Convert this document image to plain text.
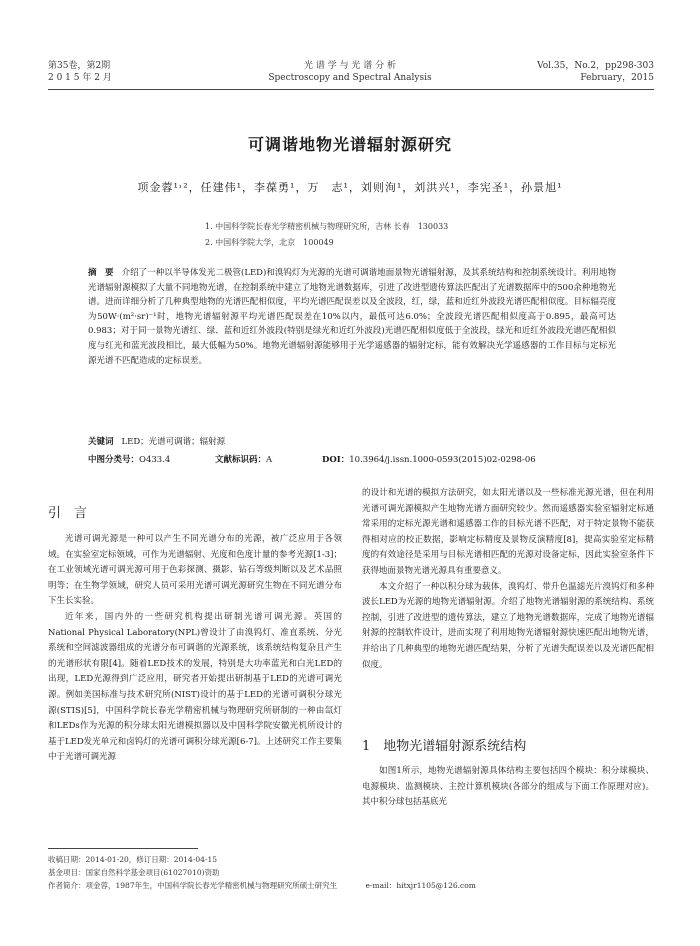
第35卷，第2期
2 0 1 5 年 2 月
光 谱 学 与 光 谱 分 析
Spectroscopy and Spectral Analysis
Vol.35，No.2，pp298-303
February，2015
可调谐地物光谱辐射源研究
项金蓉¹˒²，任建伟¹，李葆勇¹，万　志¹，刘则洵¹，刘洪兴¹，李宪圣¹，孙景旭¹
1. 中国科学院长春光学精密机械与物理研究所，吉林 长春　130033
2. 中国科学院大学，北京　100049
摘　要 介绍了一种以半导体发光二极管(LED)和溴钨灯为光源的光谱可调谐地面景物光谱辐射源，及其系统结构和控制系统设计。利用地物光谱辐射源模拟了大量不同地物光谱，在控制系统中建立了地物光谱数据库，引进了改进型遗传算法匹配出了光谱数据库中的500余种地物光谱。进而详细分析了几种典型地物的光谱匹配相似度，平均光谱匹配误差以及全波段，红，绿，蓝和近红外波段光谱匹配相似度。目标辐亮度为50W·(m²·sr)⁻¹时，地物光谱辐射源平均光谱匹配误差在10%以内，最低可达6.0%；全波段光谱匹配相似度高于0.895，最高可达0.983；对于同一景物光谱红、绿、蓝和近红外波段(特别是绿光和近红外波段)光谱匹配相似度低于全波段，绿光和近红外波段光谱匹配相似度与红光和蓝光波段相比，最大低幅为50%。地物光谱辐射源能够用于光学遥感器的辐射定标，能有效解决光学遥感器的工作目标与定标光源光谱不匹配造成的定标误差。
关键词 LED；光谱可调谐；辐射源
中图分类号：O433.4	文献标识码：A	DOI：10.3964/j.issn.1000-0593(2015)02-0298-06
引　言

光谱可调光源是一种可以产生不同光谱分布的光源，被广泛应用于各领域。在实验室定标领域，可作为光谱辐射、光度和色度计量的参考光源[1-3]；在工业领域光谱可调光源可用于色彩探测、摄影、钻石等级判断以及艺术品照明等；在生物学领域，研究人员可采用光谱可调光源研究生物在不同光谱分布下生长实验。

近年来，国内外的一些研究机构提出研制光谱可调光源。英国的 National Physical Laboratory(NPL)曾设计了由溴钨灯、准直系统、分光系统和空间滤波器组成的光谱分布可调谐的光源系统，该系统结构复杂且产生的光谱形状有限[4]。随着LED技术的发展，特别是大功率蓝光和白光LED的出现，LED光源得到广泛应用，研究者开始提出研制基于LED的光谱可调光源。例如美国标准与技术研究所(NIST)设计的基于LED的光谱可调积分球光源(STIS)[5]，中国科学院长春光学精密机械与物理研究所研制的一种由氙灯和LEDs作为光源的积分球太阳光谱模拟器以及中国科学院安徽光机所设计的基于LED发光单元和卤钨灯的光谱可调积分球光源[6-7]。上述研究工作主要集中于光谱可调光源

的设计和光谱的模拟方法研究，如太阳光谱以及一些标准光源光谱，但在利用光谱可调光源模拟产生地物光谱方面研究较少。然而遥感器实验室辐射定标通常采用的定标光源光谱和遥感器工作的目标光谱不匹配，对于特定景物不能获得相对应的校正数据，影响定标精度及景物反演精度[8]，提高实验室定标精度的有效途径是采用与目标光谱相匹配的光源对设备定标，因此实验室条件下获得地面景物光谱光源具有重要意义。

本文介绍了一种以积分球为载体，溴钨灯、带升色温滤光片溴钨灯和多种波长LED为光源的地物光谱辐射源。介绍了地物光谱辐射源的系统结构、系统控制，引进了改进型的遗传算法，建立了地物光谱数据库，完成了地物光谱辐射源的控制软件设计，进而实现了利用地物光谱辐射源快速匹配出地物光谱，并给出了几种典型的地物光谱匹配结果，分析了光谱失配误差以及光谱匹配相似度。

1　地物光谱辐射源系统结构

如图1所示，地物光谱辐射源具体结构主要包括四个模块：积分球模块、电源模块、监测模块、主控计算机模块(各部分的组成与下面工作原理对应)。其中积分球包括基底光

收稿日期：2014-01-20，修订日期：2014-04-15
基金项目：国家自然科学基金项目(61027010)资助
作者简介：项金蓉，1987年生，中国科学院长春光学精密机械与物理研究所硕士研究生	e-mail：hitxjr1105@126.com
